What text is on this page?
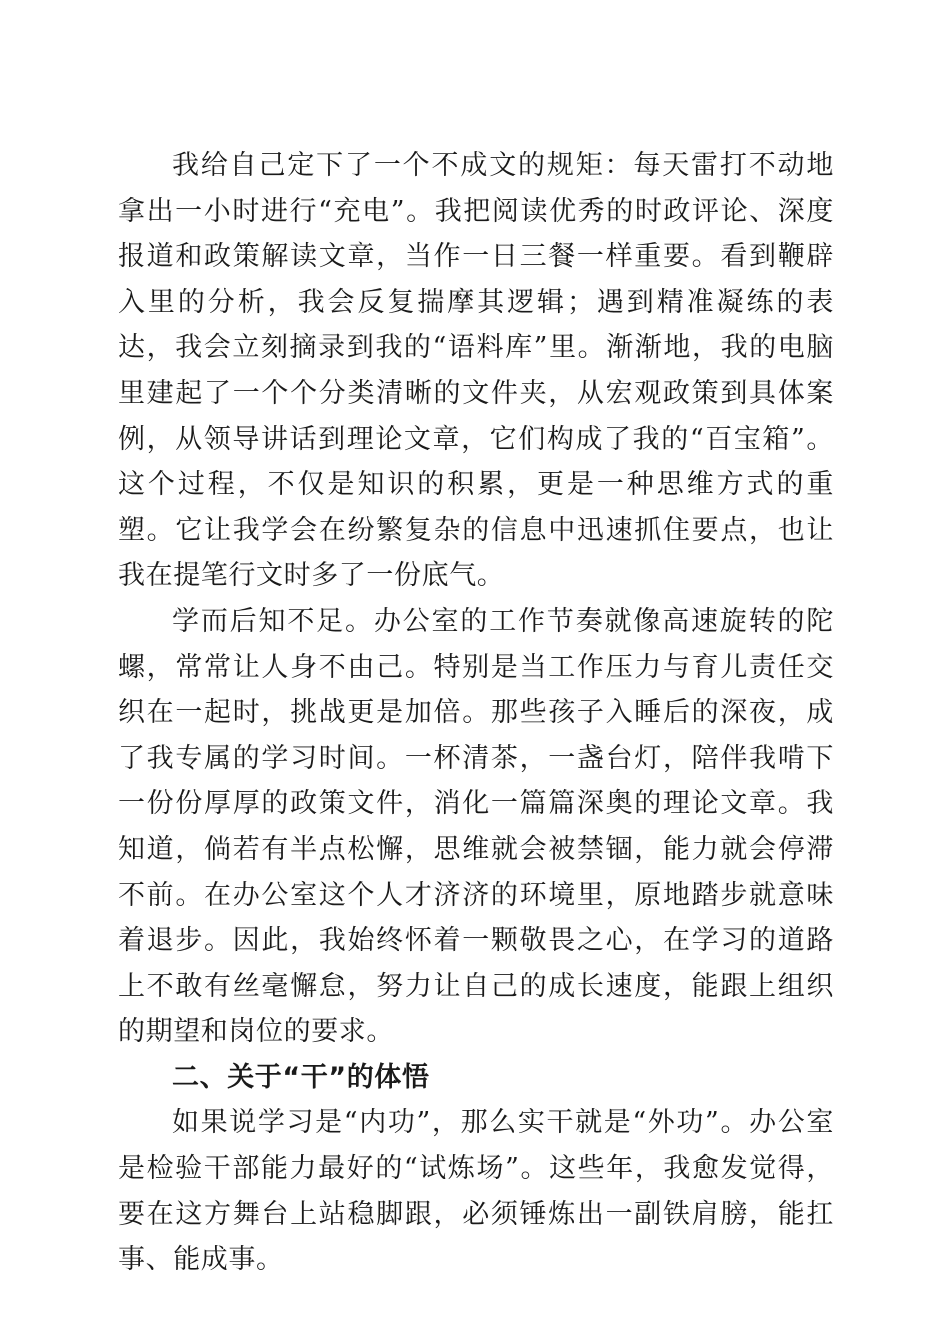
我给自己定下了一个不成文的规矩：每天雷打不动地拿出一小时进行“充电”。我把阅读优秀的时政评论、深度报道和政策解读文章，当作一日三餐一样重要。看到鞭辟入里的分析，我会反复揣摩其逻辑；遇到精准凝练的表达，我会立刻摘录到我的“语料库”里。渐渐地，我的电脑里建起了一个个分类清晰的文件夹，从宏观政策到具体案例，从领导讲话到理论文章，它们构成了我的“百宝箱”。这个过程，不仅是知识的积累，更是一种思维方式的重塑。它让我学会在纷繁复杂的信息中迅速抓住要点，也让我在提笔行文时多了一份底气。

学而后知不足。办公室的工作节奏就像高速旋转的陀螺，常常让人身不由己。特别是当工作压力与育儿责任交织在一起时，挑战更是加倍。那些孩子入睡后的深夜，成了我专属的学习时间。一杯清茶，一盏台灯，陪伴我啃下一份份厚厚的政策文件，消化一篇篇深奥的理论文章。我知道，倘若有半点松懈，思维就会被禁锢，能力就会停滞不前。在办公室这个人才济济的环境里，原地踏步就意味着退步。因此，我始终怀着一颗敬畏之心，在学习的道路上不敢有丝毫懈怠，努力让自己的成长速度，能跟上组织的期望和岗位的要求。

二、关于“干”的体悟

如果说学习是“内功”，那么实干就是“外功”。办公室是检验干部能力最好的“试炼场”。这些年，我愈发觉得，要在这方舞台上站稳脚跟，必须锤炼出一副铁肩膀，能扛事、能成事。
